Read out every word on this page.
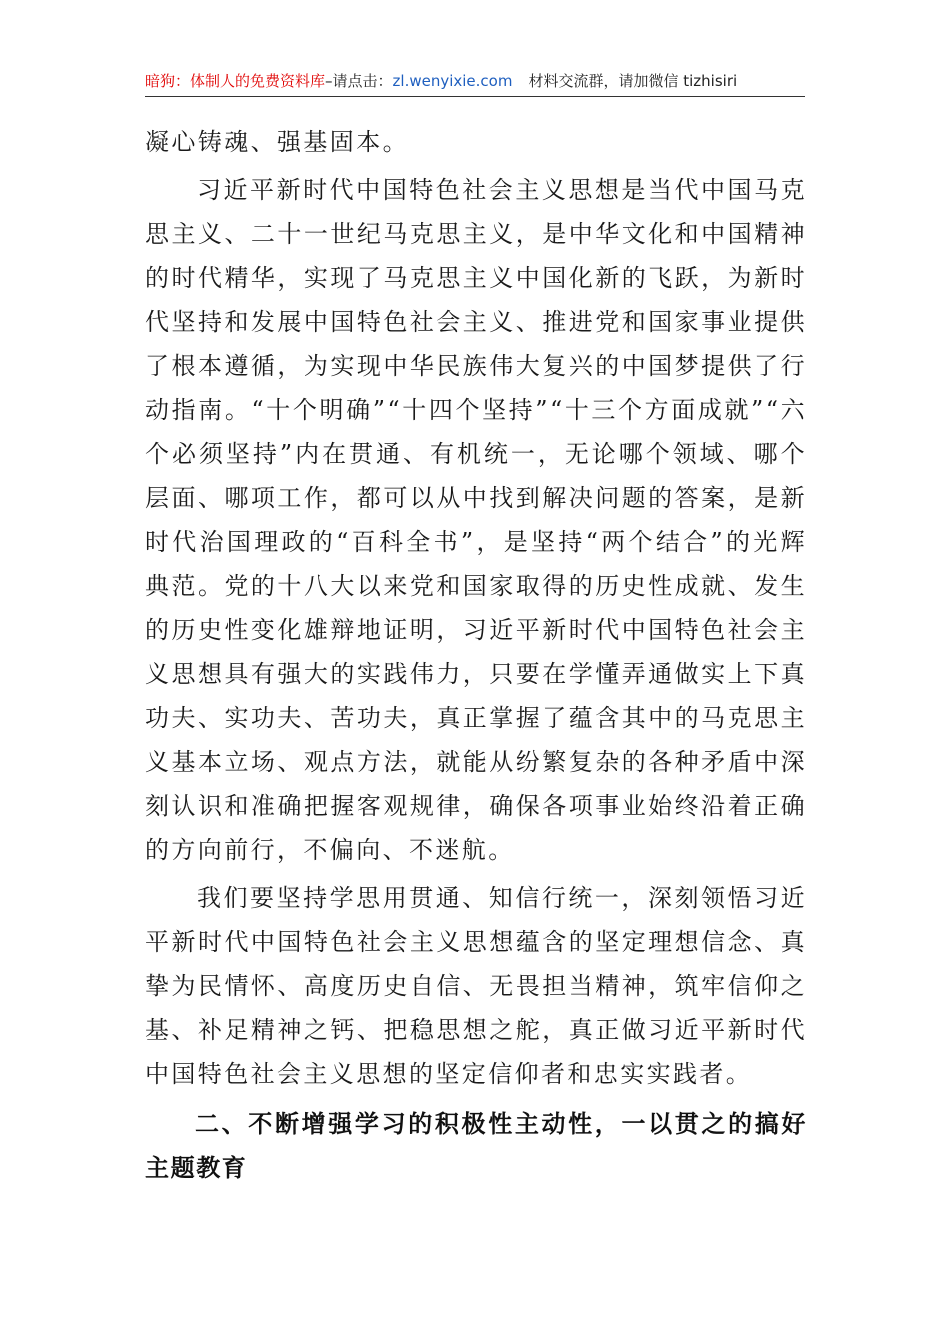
暗狗：体制人的免费资料库–请点击：zl.wenyixie.com 材料交流群，请加微信 tizhisiri

凝心铸魂、强基固本。

习近平新时代中国特色社会主义思想是当代中国马克思主义、二十一世纪马克思主义，是中华文化和中国精神的时代精华，实现了马克思主义中国化新的飞跃，为新时代坚持和发展中国特色社会主义、推进党和国家事业提供了根本遵循，为实现中华民族伟大复兴的中国梦提供了行动指南。“十个明确”“十四个坚持”“十三个方面成就”“六个必须坚持”内在贯通、有机统一，无论哪个领域、哪个层面、哪项工作，都可以从中找到解决问题的答案，是新时代治国理政的“百科全书”，是坚持“两个结合”的光辉典范。党的十八大以来党和国家取得的历史性成就、发生的历史性变化雄辩地证明，习近平新时代中国特色社会主义思想具有强大的实践伟力，只要在学懂弄通做实上下真功夫、实功夫、苦功夫，真正掌握了蕴含其中的马克思主义基本立场、观点方法，就能从纷繁复杂的各种矛盾中深刻认识和准确把握客观规律，确保各项事业始终沿着正确的方向前行，不偏向、不迷航。

我们要坚持学思用贯通、知信行统一，深刻领悟习近平新时代中国特色社会主义思想蕴含的坚定理想信念、真挚为民情怀、高度历史自信、无畏担当精神，筑牢信仰之基、补足精神之钙、把稳思想之舵，真正做习近平新时代中国特色社会主义思想的坚定信仰者和忠实实践者。

二、不断增强学习的积极性主动性，一以贯之的搞好主题教育
